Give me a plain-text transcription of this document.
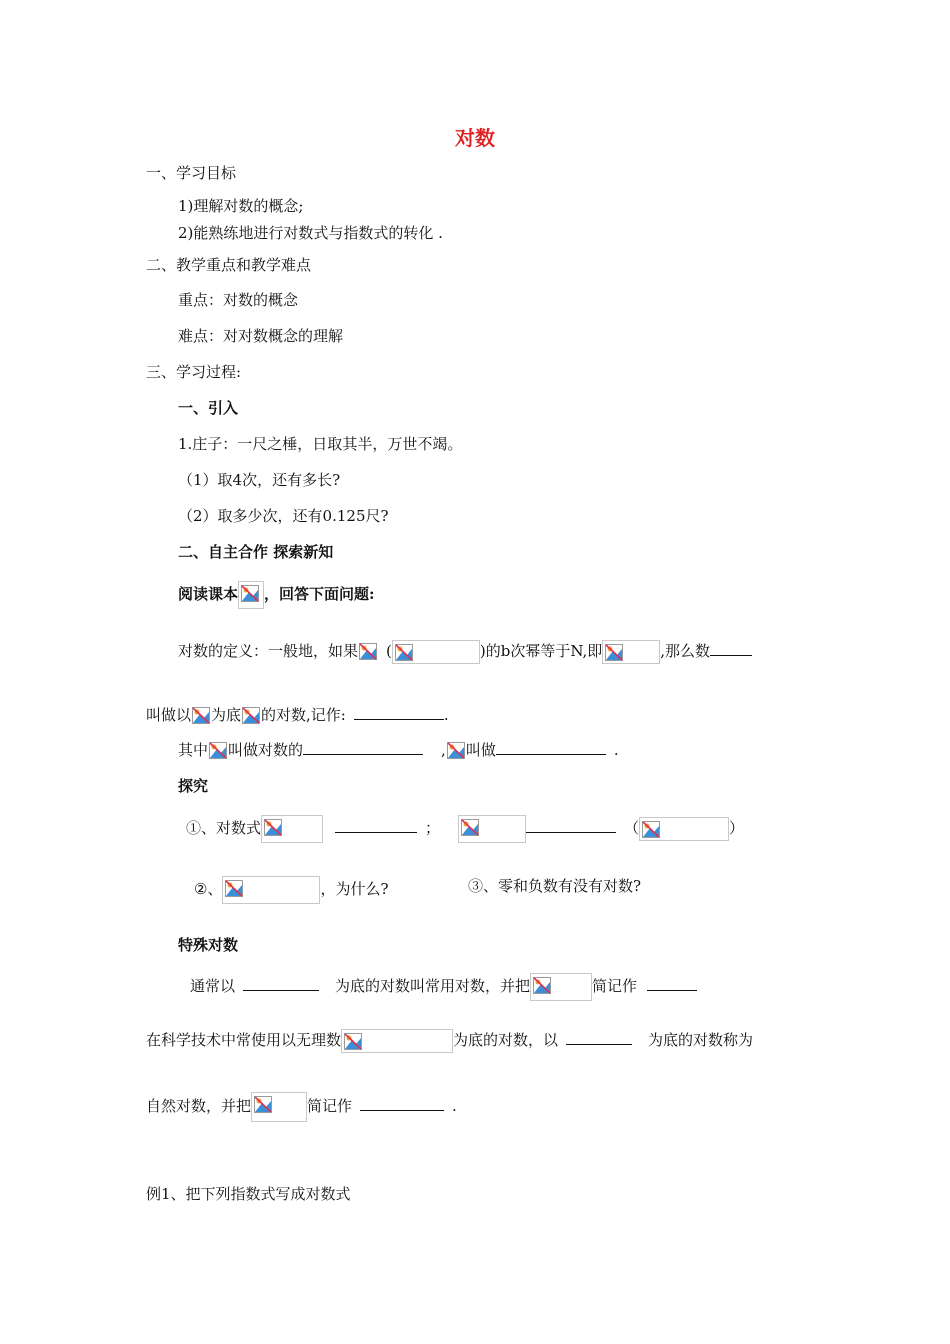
对数
一、学习目标
1)理解对数的概念;
2)能熟练地进行对数式与指数式的转化 .
二、教学重点和教学难点
重点：对数的概念
难点：对对数概念的理解
三、学习过程:
一、引入
1.庄子：一尺之棰，日取其半，万世不竭。
（1）取4次，还有多长?
（2）取多少次，还有0.125尺?
二、自主合作 探索新知
阅读课本 ，回答下面问题:
对数的定义：一般地，如果 (	)的b次幂等于N,即	,那么数
叫做以 为底 的对数,记作:	.
其中 叫做对数的	, 叫做	.
探究
①、对数式	；	（	）
②、	，为什么?	③、零和负数有没有对数?
特殊对数
通常以	为底的对数叫常用对数，并把	简记作
在科学技术中常使用以无理数	为底的对数，以	为底的对数称为
自然对数，并把	简记作	.
例1、把下列指数式写成对数式
